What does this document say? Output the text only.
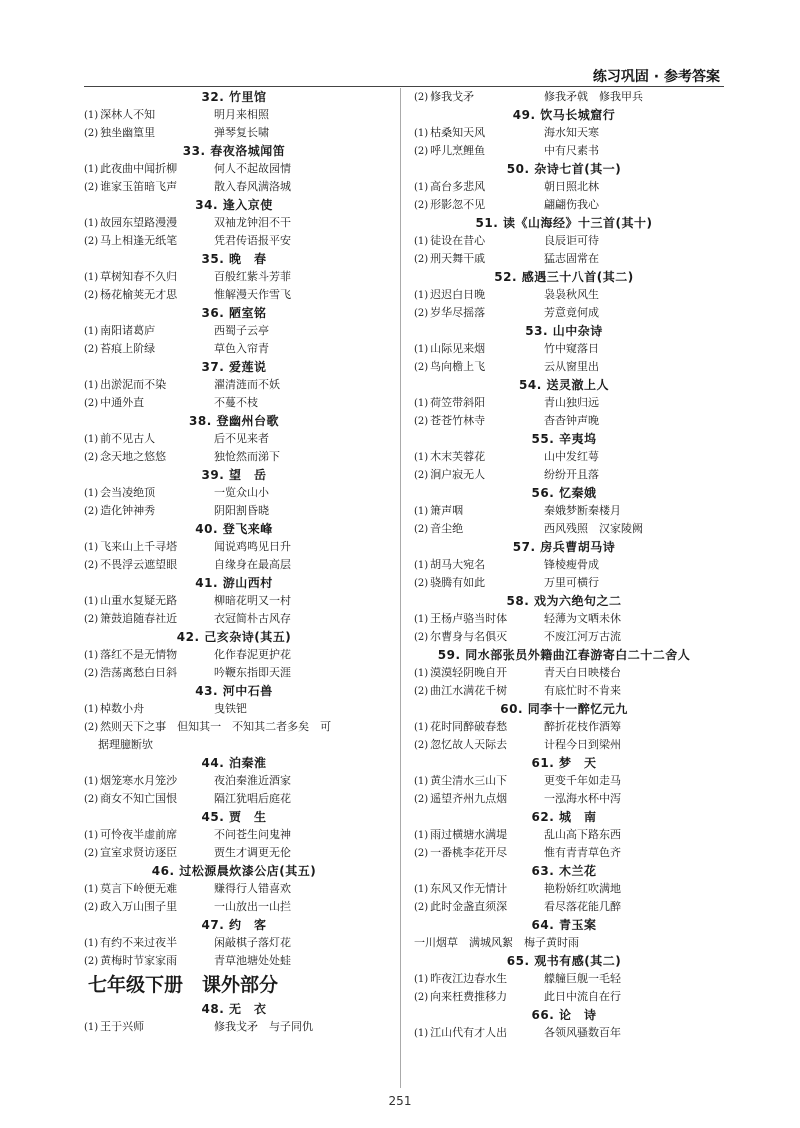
练习巩固 · 参考答案
32. 竹里馆
(1) 深林人不知	明月来相照
(2) 独坐幽篁里	弹琴复长啸
33. 春夜洛城闻笛
(1) 此夜曲中闻折柳	何人不起故园情
(2) 谁家玉笛暗飞声	散入春风满洛城
34. 逢入京使
(1) 故园东望路漫漫	双袖龙钟泪不干
(2) 马上相逢无纸笔	凭君传语报平安
35. 晚　春
(1) 草树知春不久归	百般红紫斗芳菲
(2) 杨花榆荚无才思	惟解漫天作雪飞
36. 陋室铭
(1) 南阳诸葛庐	西蜀子云亭
(2) 苔痕上阶绿	草色入帘青
37. 爱莲说
(1) 出淤泥而不染	濯清涟而不妖
(2) 中通外直	不蔓不枝
38. 登幽州台歌
(1) 前不见古人	后不见来者
(2) 念天地之悠悠	独怆然而涕下
39. 望　岳
(1) 会当凌绝顶	一览众山小
(2) 造化钟神秀	阴阳割昏晓
40. 登飞来峰
(1) 飞来山上千寻塔	闻说鸡鸣见日升
(2) 不畏浮云遮望眼	自缘身在最高层
41. 游山西村
(1) 山重水复疑无路	柳暗花明又一村
(2) 箫鼓追随春社近	衣冠简朴古风存
42. 己亥杂诗(其五)
(1) 落红不是无情物	化作春泥更护花
(2) 浩荡离愁白日斜	吟鞭东指即天涯
43. 河中石兽
(1) 棹数小舟	曳铁钯
(2) 然则天下之事　但知其一　不知其二者多矣　可
据理臆断欤
44. 泊秦淮
(1) 烟笼寒水月笼沙	夜泊秦淮近酒家
(2) 商女不知亡国恨	隔江犹唱后庭花
45. 贾　生
(1) 可怜夜半虚前席	不问苍生问鬼神
(2) 宣室求贤访逐臣	贾生才调更无伦
46. 过松源晨炊漆公店(其五)
(1) 莫言下岭便无难	赚得行人错喜欢
(2) 政入万山围子里	一山放出一山拦
47. 约　客
(1) 有约不来过夜半	闲敲棋子落灯花
(2) 黄梅时节家家雨	青草池塘处处蛙
七年级下册　课外部分
48. 无　衣
(1) 王于兴师	修我戈矛　与子同仇
(2) 修我戈矛	修我矛戟　修我甲兵
49. 饮马长城窟行
(1) 枯桑知天风	海水知天寒
(2) 呼儿烹鲤鱼	中有尺素书
50. 杂诗七首(其一)
(1) 高台多悲风	朝日照北林
(2) 形影忽不见	翩翩伤我心
51. 读《山海经》十三首(其十)
(1) 徒设在昔心	良辰讵可待
(2) 刑天舞干戚	猛志固常在
52. 感遇三十八首(其二)
(1) 迟迟白日晚	袅袅秋风生
(2) 岁华尽摇落	芳意竟何成
53. 山中杂诗
(1) 山际见来烟	竹中窥落日
(2) 鸟向檐上飞	云从窗里出
54. 送灵澈上人
(1) 荷笠带斜阳	青山独归远
(2) 苍苍竹林寺	杳杳钟声晚
55. 辛夷坞
(1) 木末芙蓉花	山中发红萼
(2) 涧户寂无人	纷纷开且落
56. 忆秦娥
(1) 箫声咽	秦娥梦断秦楼月
(2) 音尘绝	西风残照　汉家陵阙
57. 房兵曹胡马诗
(1) 胡马大宛名	锋棱瘦骨成
(2) 骁腾有如此	万里可横行
58. 戏为六绝句之二
(1) 王杨卢骆当时体	轻薄为文哂未休
(2) 尔曹身与名俱灭	不废江河万古流
59. 同水部张员外籍曲江春游寄白二十二舍人
(1) 漠漠轻阴晚自开	青天白日映楼台
(2) 曲江水满花千树	有底忙时不肯来
60. 同李十一醉忆元九
(1) 花时同醉破春愁	醉折花枝作酒筹
(2) 忽忆故人天际去	计程今日到梁州
61. 梦　天
(1) 黄尘清水三山下	更变千年如走马
(2) 遥望齐州九点烟	一泓海水杯中泻
62. 城　南
(1) 雨过横塘水满堤	乱山高下路东西
(2) 一番桃李花开尽	惟有青青草色齐
63. 木兰花
(1) 东风又作无情计	艳粉娇红吹满地
(2) 此时金盏直须深	看尽落花能几醉
64. 青玉案
一川烟草　满城风絮　梅子黄时雨
65. 观书有感(其二)
(1) 昨夜江边春水生	艨艟巨舰一毛轻
(2) 向来枉费推移力	此日中流自在行
66. 论　诗
(1) 江山代有才人出	各领风骚数百年
251
